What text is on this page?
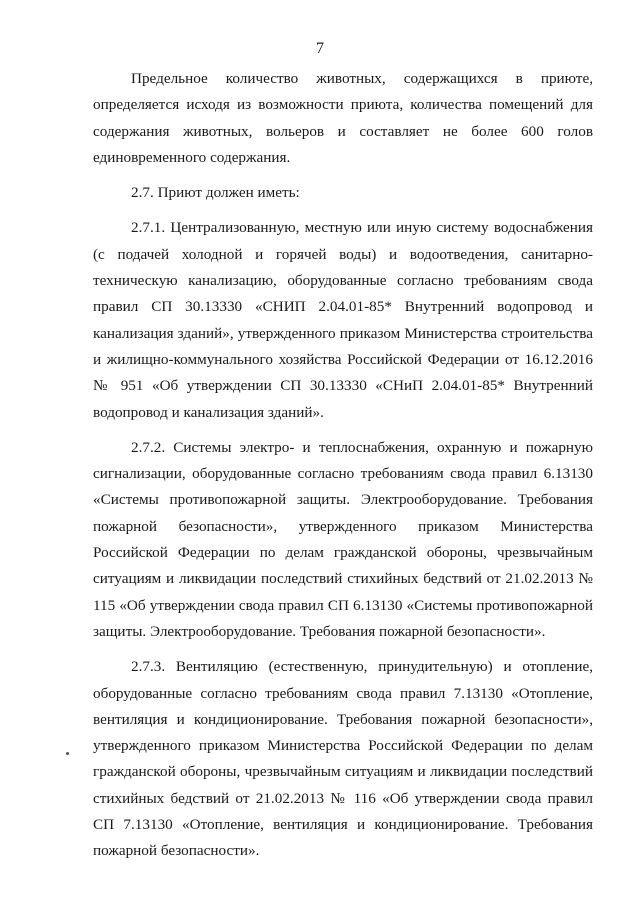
7

Предельное количество животных, содержащихся в приюте, определяется исходя из возможности приюта, количества помещений для содержания животных, вольеров и составляет не более 600 голов единовременного содержания.

2.7. Приют должен иметь:

2.7.1. Централизованную, местную или иную систему водоснабжения (с подачей холодной и горячей воды) и водоотведения, санитарно-техническую канализацию, оборудованные согласно требованиям свода правил СП 30.13330 «СНИП 2.04.01-85* Внутренний водопровод и канализация зданий», утвержденного приказом Министерства строительства и жилищно-коммунального хозяйства Российской Федерации от 16.12.2016 № 951 «Об утверждении СП 30.13330 «СНиП 2.04.01-85* Внутренний водопровод и канализация зданий».

2.7.2. Системы электро- и теплоснабжения, охранную и пожарную сигнализации, оборудованные согласно требованиям свода правил 6.13130 «Системы противопожарной защиты. Электрооборудование. Требования пожарной безопасности», утвержденного приказом Министерства Российской Федерации по делам гражданской обороны, чрезвычайным ситуациям и ликвидации последствий стихийных бедствий от 21.02.2013 № 115 «Об утверждении свода правил СП 6.13130 «Системы противопожарной защиты. Электрооборудование. Требования пожарной безопасности».

2.7.3. Вентиляцию (естественную, принудительную) и отопление, оборудованные согласно требованиям свода правил 7.13130 «Отопление, вентиляция и кондиционирование. Требования пожарной безопасности», утвержденного приказом Министерства Российской Федерации по делам гражданской обороны, чрезвычайным ситуациям и ликвидации последствий стихийных бедствий от 21.02.2013 № 116 «Об утверждении свода правил СП 7.13130 «Отопление, вентиляция и кондиционирование. Требования пожарной безопасности».
